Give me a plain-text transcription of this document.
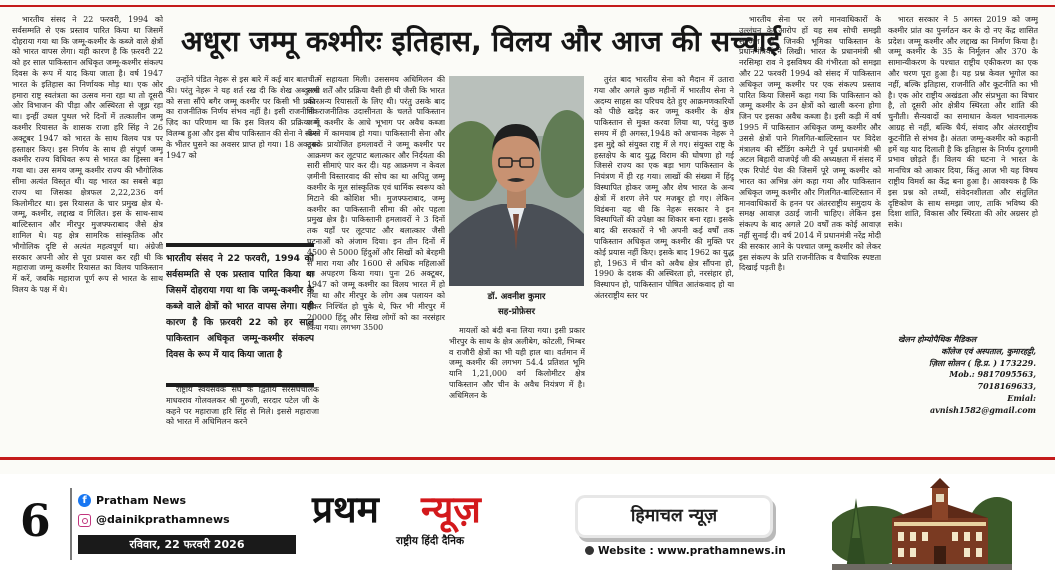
भारतीय संसद ने 22 फरवरी, 1994 को सर्वसम्मति से एक प्रस्ताव पारित किया था जिसमें दोहराया गया था कि जम्मू-कश्मीर के कब्जे वाले क्षेत्रों को भारत वापस लेगा। यही कारण है कि फ़रवरी 22 को हर साल पाकिस्तान अधिकृत जम्मू-कश्मीर संकल्प दिवस के रूप में याद किया जाता है। वर्ष 1947 भारत के इतिहास का निर्णायक मोड़ था। एक ओर हमारा राष्ट्र स्वतंत्रता का उत्सव मना रहा था तो दूसरी ओर विभाजन की पीड़ा और अस्थिरता से जूझ रहा था। इन्हीं उथल पुथल भरे दिनों में तत्कालीन जम्मू कश्मीर रियासत के शासक राजा हरि सिंह ने 26 अक्टूबर 1947 को भारत के साथ विलय पत्र पर हस्ताक्षर किए। इस निर्णय के साथ ही संपूर्ण जम्मू कश्मीर राज्य विधिवत रूप से भारत का हिस्सा बन गया था। उस समय जम्मू कश्मीर राज्य की भौगोलिक सीमा अत्यंत विस्तृत थी। यह भारत का सबसे बड़ा राज्य था जिसका क्षेत्रफल 2,22,236 वर्ग किलोमीटर था। इस रियासत के चार प्रमुख क्षेत्र थे- जम्मू, कश्मीर, लद्दाख व गिलित। इस के साथ-साथ बाल्टिस्तान और मीरपुर मुजफ्फराबाद जैसे क्षेत्र शामिल थे। यह क्षेत्र सामरिक सांस्कृतिक और भौगोलिक दृष्टि से अत्यंत महत्वपूर्ण था। अंग्रेजी सरकार अपनी ओर से पूरा प्रयास कर रही थी कि महाराजा जम्मू कश्मीर रियासत का विलय पाकिस्तान में करें, जबकि महाराज पूर्ण रूप से भारत के साथ विलय के पक्ष में थे।

अधूरा जम्मू कश्मीरः इतिहास, विलय और आज की सच्चाई

उन्होंने पंडित नेहरू से इस बारे में कई बार बातचीत की। परंतु नेहरू ने यह शर्त रख दी कि शेख अब्दुल्ला को सत्ता सौंपे बगैर जम्मू कश्मीर पर किसी भी प्रकार का राजनीतिक निर्णय संभव नहीं है। इसी राजनीतिक ज़िद का परिणाम था कि इस विलय की प्रक्रिया में विलम्ब हुआ और इस बीच पाकिस्तान की सेना ने सीमा के भीतर घुसने का अवसर प्राप्त हो गया। 18 अक्टूबर 1947 को

भारतीय संसद ने 22 फरवरी, 1994 को सर्वसम्मति से एक प्रस्ताव पारित किया था जिसमें दोहराया गया था कि जम्मू-कश्मीर के कब्जे वाले क्षेत्रों को भारत वापस लेगा। यही कारण है कि फ़रवरी 22 को हर साल पाकिस्तान अधिकृत जम्मू-कश्मीर संकल्प दिवस के रूप में याद किया जाता है

राष्ट्रीय स्वयंसेवक संघ के द्वितीय सरसंघचालक माधवराव गोलवलकर श्री गुरुजी, सरदार पटेल जी के कहने पर महाराजा हरि सिंह से मिले। इससे महाराजा को भारत में अधिमिलन करने

में सहायता मिली। उससमय अधिमिलन की सभी शर्तें और प्रक्रिया वैसी ही थी जैसी कि भारत की अन्य रियासतों के लिए थी। परंतु उसके बाद भी राजनीतिक उदासीनता के चलते पाकिस्तान जम्मू कश्मीर के आधे भूभाग पर अवैध कब्जा करने में कामयाब हो गया। पाकिस्तानी सेना और उसके प्रायोजित हमलावरों ने जम्मू कश्मीर पर आक्रमण कर लूटपाट बलात्कार और निर्दयता की सारी सीमाएं पार कर दी। यह आक्रमण न केवल ज़मीनी विस्तारवाद की सोच का था अपितु जम्मू कश्मीर के मूल सांस्कृतिक एवं धार्मिक स्वरूप को मिटाने की कोशिश भी। मुजफ्फराबाद, जम्मू कश्मीर का पाकिस्तानी सीमा की ओर पहला प्रमुख क्षेत्र है। पाकिस्तानी हमलावरों ने 3 दिनों तक यहाँ पर लूटपाट और बलात्कार जैसी घटनाओं को अंजाम दिया। इन तीन दिनों में 4500 से 5000 हिंदुओं और सिखों को बेरहमी से मारा गया और 1600 से अधिक महिलाओं का अपहरण किया गया। पुनः 26 अक्टूबर, 1947 को जम्मू कश्मीर का विलय भारत में हो गया था और मीरपुर के लोग अब पलायन को लेकर निश्चिंत हो चुके थे, फिर भी मीरपुर में 20000 हिंदू और सिख लोगों को का नरसंहार किया गया। लगभग 3500

डॉ. अवनीश कुमार
सह-प्रोफ़ेसर

मायलों को बंदी बना लिया गया। इसी प्रकार भीरपुर के साथ के क्षेत्र अलीबेग, कोटली, भिम्बर व राजौरी क्षेत्रों का भी यही हाल था। वर्तमान में जम्मू कश्मीर की लगभग 54.4 प्रतिशत भूमि यानि 1,21,000 वर्ग किलोमीटर क्षेत्र पाकिस्तान और चीन के अवैध नियंत्रण में है। अधिमिलन के

तुरंत बाद भारतीय सेना को मैदान में उतारा गया और अगले कुछ महीनों में भारतीय सेना ने अदम्य साहस का परिचय देते हुए आक्रमणकारियों को पीछे खदेड़ कर जम्मू कश्मीर के क्षेत्र पाकिस्तान से मुक्त करवा लिया था, परंतु कुछ समय में ही अगस्त,1948 को अचानक नेहरू ने इस मुद्दे को संयुक्त राष्ट्र में ले गए। संयुक्त राष्ट्र के हस्तक्षेप के बाद युद्ध विराम की घोषणा हो गई जिससे राज्य का एक बड़ा भाग पाकिस्तान के नियंत्रण में ही रह गया। लाखों की संख्या में हिंदू विस्थापित होकर जम्मू और शेष भारत के अन्य क्षेत्रों में शरण लेने पर मजबूर हो गए। लेकिन विडंबना यह थी कि नेहरू सरकार ने इन विस्थापितों की उपेक्षा का शिकार बना रहा। इसके बाद की सरकारों ने भी अपनी कई वर्षों तक पाकिस्तान अधिकृत जम्मू कश्मीर की मुक्ति पर कोई प्रयास नहीं किए। इसके बाद 1962 का युद्ध हो, 1963 में चीन को अवैध क्षेत्र सौंपना हो, 1990 के दशक की अस्थिरता हो, नरसंहार हो, विस्थापन हो, पाकिस्तान पोषित आतंकवाद हो या अंतरराष्ट्रीय स्तर पर

भारतीय सेना पर लगे मानवाधिकारों के उल्लंघन के आरोप हों यह सब सोची समझी साजिश थी, जिनकी भूमिका पाकिस्तान के प्रधानमंत्रियों ने लिखी। भारत के प्रधानमंत्री श्री नरसिम्हा राव ने इसविषय की गंभीरता को समझा और 22 फरवरी 1994 को संसद में पाकिस्तान अधिकृत जम्मू कश्मीर पर एक संकल्प प्रस्ताव पारित किया जिसमें कहा गया कि पाकिस्तान को जम्मू कश्मीर के उन क्षेत्रों को खाली करना होगा जिन पर इसका अवैध कब्जा है। इसी कड़ी में वर्ष 1995 में पाकिस्तान अधिकृत जम्मू कश्मीर और उससे क्षेत्रों पाने गिलगित-बाल्टिस्तान पर विदेश मंत्रालय की स्टैंडिंग कमेटी ने पूर्व प्रधानमंत्री श्री अटल बिहारी वाजपेई जी की अध्यक्षता में संसद में एक रिपोर्ट पेश की जिसमें पूरे जम्मू कश्मीर को भारत का अभिन्न अंग कहा गया और पाकिस्तान अधिकृत जम्मू कश्मीर और गिलगित-बाल्टिस्तान में मानवाधिकारों के हनन पर अंतरराष्ट्रीय समुदाय के समक्ष आवाज़ उठाई जानी चाहिए। लेकिन इस संकल्प के बाद अगले 20 वर्षों तक कोई आवाज़ नहीं सुनाई दी। वर्ष 2014 में प्रधानमंत्री नरेंद्र मोदी की सरकार आने के पश्चात जम्मू कश्मीर को लेकर इस संकल्प के प्रति राजनीतिक व वैचारिक स्पष्टता दिखाई पड़ती है।

भारत सरकार ने 5 अगस्त 2019 को जम्मू कश्मीर प्रांत का पुनर्गठन कर के दो नए केंद्र शासित प्रदेश। जम्मू कश्मीर और लद्दाख का निर्माण किया है। जम्मू कश्मीर के 35 के निर्मूलन और 370 के सामान्यीकरण के पश्चात राष्ट्रीय एकीकरण का एक और चरण पूरा हुआ है। यह प्रश्न केवल भूगोल का नहीं, बल्कि इतिहास, राजनीति और कूटनीति का भी है। एक ओर राष्ट्रीय अखंडता और संप्रभुता का विचार है, तो दूसरी ओर क्षेत्रीय स्थिरता और शांति की चुनौती। सैन्यवादों का समाधान केवल भावनात्मक आग्रह से नहीं, बल्कि धैर्य, संवाद और अंतरराष्ट्रीय कूटनीति से संभव है। अंततः जम्मू-कश्मीर को कहानी हमें यह याद दिलाती है कि इतिहास के निर्णय दूरगामी प्रभाव छोड़ते हैं। विलय की घटना ने भारत के मानचित्र को आकार दिया, किंतु आज भी यह विषय राष्ट्रीय विमर्श का केंद्र बना हुआ है। आवश्यक है कि इस प्रश्न को तथ्यों, संवेदनशीलता और संतुलित दृष्टिकोण के साथ समझा जाए, ताकि भविष्य की दिशा शांति, विकास और स्थिरता की ओर अग्रसर हो सके।

खेलन होम्योपैथिक मैडिकल
कॉलेज एवं अस्पताल, कुमारहट्टी,
ज़िला सोलन ( हि.प्र. ) 173229.
Mob.: 9817095563,
7018169633,
Emial:
avnish1582@gmail.com
6	f Pratham News
@dainikprathamnews
रविवार, 22 फरवरी 2026
प्रथम न्यूज़
राष्ट्रीय हिंदी दैनिक
हिमाचल न्यूज़
Website : www.prathamnews.in
